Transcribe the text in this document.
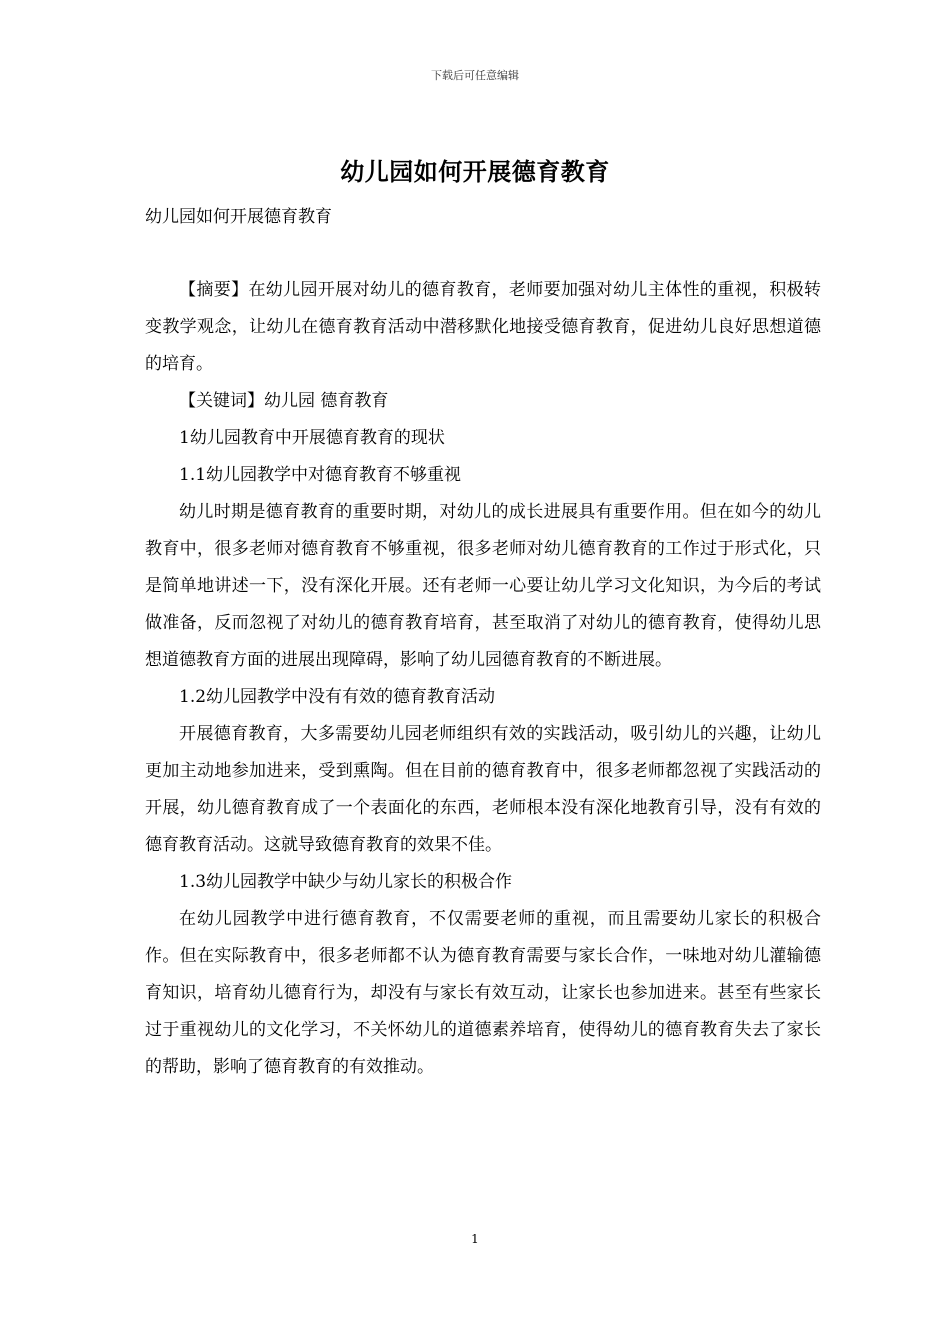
下载后可任意编辑
幼儿园如何开展德育教育
幼儿园如何开展德育教育

【摘要】在幼儿园开展对幼儿的德育教育，老师要加强对幼儿主体性的重视，积极转变教学观念，让幼儿在德育教育活动中潜移默化地接受德育教育，促进幼儿良好思想道德的培育。

【关键词】幼儿园 德育教育

1幼儿园教育中开展德育教育的现状

1.1幼儿园教学中对德育教育不够重视

幼儿时期是德育教育的重要时期，对幼儿的成长进展具有重要作用。但在如今的幼儿教育中，很多老师对德育教育不够重视，很多老师对幼儿德育教育的工作过于形式化，只是简单地讲述一下，没有深化开展。还有老师一心要让幼儿学习文化知识，为今后的考试做准备，反而忽视了对幼儿的德育教育培育，甚至取消了对幼儿的德育教育，使得幼儿思想道德教育方面的进展出现障碍，影响了幼儿园德育教育的不断进展。

1.2幼儿园教学中没有有效的德育教育活动

开展德育教育，大多需要幼儿园老师组织有效的实践活动，吸引幼儿的兴趣，让幼儿更加主动地参加进来，受到熏陶。但在目前的德育教育中，很多老师都忽视了实践活动的开展，幼儿德育教育成了一个表面化的东西，老师根本没有深化地教育引导，没有有效的德育教育活动。这就导致德育教育的效果不佳。

1.3幼儿园教学中缺少与幼儿家长的积极合作

在幼儿园教学中进行德育教育，不仅需要老师的重视，而且需要幼儿家长的积极合作。但在实际教育中，很多老师都不认为德育教育需要与家长合作，一味地对幼儿灌输德育知识，培育幼儿德育行为，却没有与家长有效互动，让家长也参加进来。甚至有些家长过于重视幼儿的文化学习，不关怀幼儿的道德素养培育，使得幼儿的德育教育失去了家长的帮助，影响了德育教育的有效推动。

1
